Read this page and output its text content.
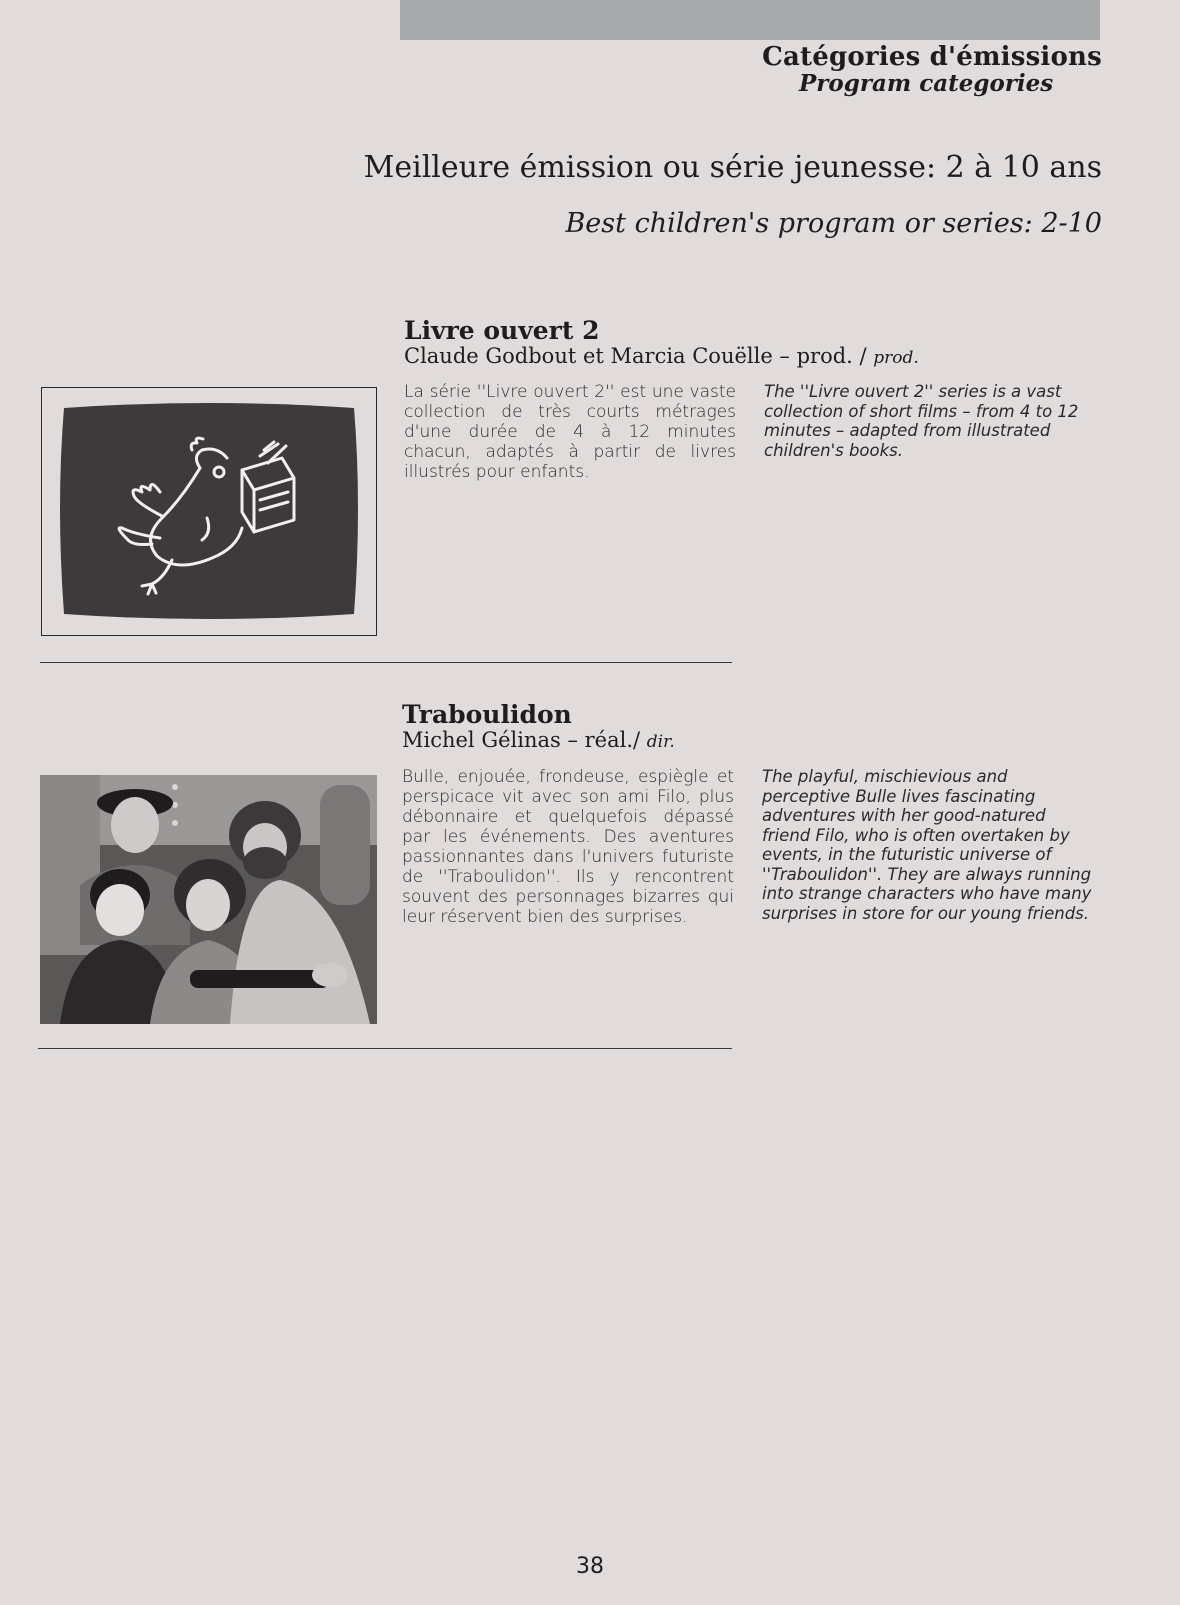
Catégories d'émissions
Program categories
Meilleure émission ou série jeunesse: 2 à 10 ans
Best children's program or series: 2-10
Livre ouvert 2
Claude Godbout et Marcia Couëlle – prod. / prod.
La série ''Livre ouvert 2'' est une vaste collection de très courts métrages d'une durée de 4 à 12 minutes chacun, adaptés à partir de livres illustrés pour enfants.
The ''Livre ouvert 2'' series is a vast collection of short films – from 4 to 12 minutes – adapted from illustrated children's books.
Traboulidon
Michel Gélinas – réal./ dir.
Bulle, enjouée, frondeuse, espiègle et perspicace vit avec son ami Filo, plus débonnaire et quelquefois dépassé par les événements. Des aventures passionnantes dans l'univers futuriste de ''Traboulidon''. Ils y rencontrent souvent des personnages bizarres qui leur réservent bien des surprises.
The playful, mischievious and perceptive Bulle lives fascinating adventures with her good-natured friend Filo, who is often overtaken by events, in the futuristic universe of ''Traboulidon''. They are always running into strange characters who have many surprises in store for our young friends.
38
